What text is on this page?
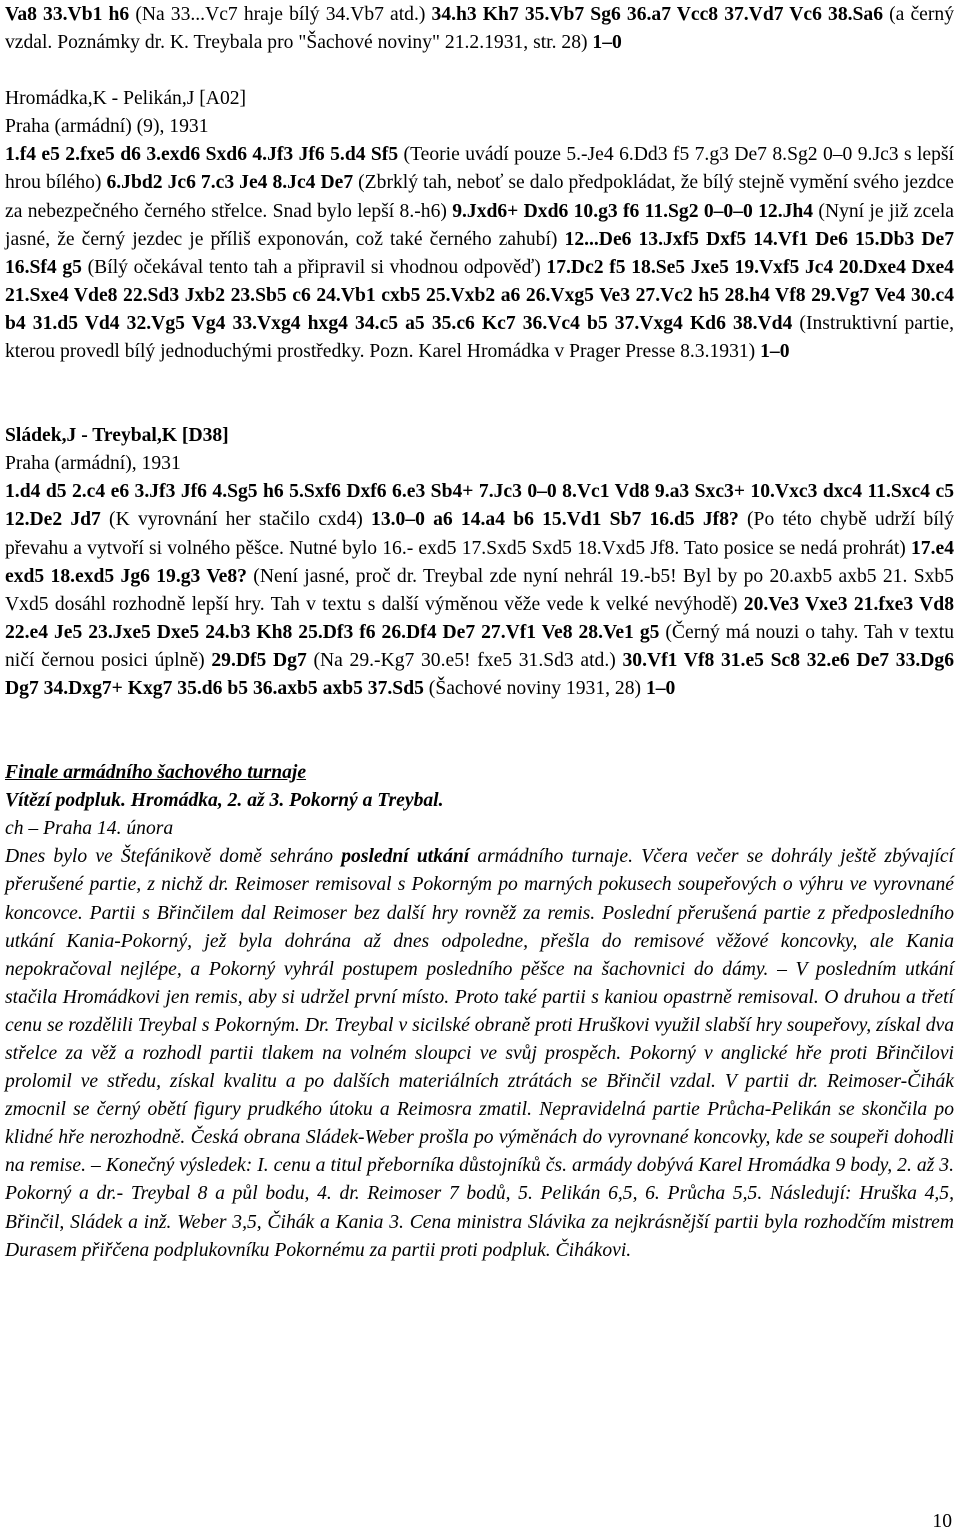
Va8 33.Vb1 h6 (Na 33...Vc7 hraje bílý 34.Vb7 atd.) 34.h3 Kh7 35.Vb7 Sg6 36.a7 Vcc8 37.Vd7 Vc6 38.Sa6 (a černý vzdal. Poznámky dr. K. Treybala pro "Šachové noviny" 21.2.1931, str. 28) 1–0

Hromádka,K - Pelikán,J [A02]

Praha (armádní) (9), 1931

1.f4 e5 2.fxe5 d6 3.exd6 Sxd6 4.Jf3 Jf6 5.d4 Sf5 (Teorie uvádí pouze 5.-Je4 6.Dd3 f5 7.g3 De7 8.Sg2 0–0 9.Jc3 s lepší hrou bílého) 6.Jbd2 Jc6 7.c3 Je4 8.Jc4 De7 (Zbrklý tah, neboť se dalo předpokládat, že bílý stejně vymění svého jezdce za nebezpečného černého střelce. Snad bylo lepší 8.-h6) 9.Jxd6+ Dxd6 10.g3 f6 11.Sg2 0–0–0 12.Jh4 (Nyní je již zcela jasné, že černý jezdec je příliš exponován, což také černého zahubí) 12...De6 13.Jxf5 Dxf5 14.Vf1 De6 15.Db3 De7 16.Sf4 g5 (Bílý očekával tento tah a připravil si vhodnou odpověď) 17.Dc2 f5 18.Se5 Jxe5 19.Vxf5 Jc4 20.Dxe4 Dxe4 21.Sxe4 Vde8 22.Sd3 Jxb2 23.Sb5 c6 24.Vb1 cxb5 25.Vxb2 a6 26.Vxg5 Ve3 27.Vc2 h5 28.h4 Vf8 29.Vg7 Ve4 30.c4 b4 31.d5 Vd4 32.Vg5 Vg4 33.Vxg4 hxg4 34.c5 a5 35.c6 Kc7 36.Vc4 b5 37.Vxg4 Kd6 38.Vd4 (Instruktivní partie, kterou provedl bílý jednoduchými prostředky. Pozn. Karel Hromádka v Prager Presse 8.3.1931) 1–0

Sládek,J - Treybal,K [D38]

Praha (armádní), 1931

1.d4 d5 2.c4 e6 3.Jf3 Jf6 4.Sg5 h6 5.Sxf6 Dxf6 6.e3 Sb4+ 7.Jc3 0–0 8.Vc1 Vd8 9.a3 Sxc3+ 10.Vxc3 dxc4 11.Sxc4 c5 12.De2 Jd7 (K vyrovnání her stačilo cxd4) 13.0–0 a6 14.a4 b6 15.Vd1 Sb7 16.d5 Jf8? (Po této chybě udrží bílý převahu a vytvoří si volného pěšce. Nutné bylo 16.- exd5 17.Sxd5 Sxd5 18.Vxd5 Jf8. Tato posice se nedá prohrát) 17.e4 exd5 18.exd5 Jg6 19.g3 Ve8? (Není jasné, proč dr. Treybal zde nyní nehrál 19.-b5! Byl by po 20.axb5 axb5 21. Sxb5 Vxd5 dosáhl rozhodně lepší hry. Tah v textu s další výměnou věže vede k velké nevýhodě) 20.Ve3 Vxe3 21.fxe3 Vd8 22.e4 Je5 23.Jxe5 Dxe5 24.b3 Kh8 25.Df3 f6 26.Df4 De7 27.Vf1 Ve8 28.Ve1 g5 (Černý má nouzi o tahy. Tah v textu ničí černou posici úplně) 29.Df5 Dg7 (Na 29.-Kg7 30.e5! fxe5 31.Sd3 atd.) 30.Vf1 Vf8 31.e5 Sc8 32.e6 De7 33.Dg6 Dg7 34.Dxg7+ Kxg7 35.d6 b5 36.axb5 axb5 37.Sd5 (Šachové noviny 1931, 28) 1–0

Finale armádního šachového turnaje

Vítězí podpluk. Hromádka, 2. až 3. Pokorný a Treybal.

ch – Praha 14. února

Dnes bylo ve Štefánikově domě sehráno poslední utkání armádního turnaje. Včera večer se dohrály ještě zbývající přerušené partie, z nichž dr. Reimoser remisoval s Pokorným po marných pokusech soupeřových o výhru ve vyrovnané koncovce. Partii s Břinčilem dal Reimoser bez další hry rovněž za remis. Poslední přerušená partie z předposledního utkání Kania-Pokorný, jež byla dohrána až dnes odpoledne, přešla do remisové věžové koncovky, ale Kania nepokračoval nejlépe, a Pokorný vyhrál postupem posledního pěšce na šachovnici do dámy. – V posledním utkání stačila Hromádkovi jen remis, aby si udržel první místo. Proto také partii s kaniou opastrně remisoval. O druhou a třetí cenu se rozdělili Treybal s Pokorným. Dr. Treybal v sicilské obraně proti Hruškovi využil slabší hry soupeřovy, získal dva střelce za věž a rozhodl partii tlakem na volném sloupci ve svůj prospěch. Pokorný v anglické hře proti Břinčilovi prolomil ve středu, získal kvalitu a po dalších materiálních ztrátách se Břinčil vzdal. V partii dr. Reimoser-Čihák zmocnil se černý obětí figury prudkého útoku a Reimosra zmatil. Nepravidelná partie Průcha-Pelikán se skončila po klidné hře nerozhodně. Česká obrana Sládek-Weber prošla po výměnách do vyrovnané koncovky, kde se soupeři dohodli na remise. – Konečný výsledek: I. cenu a titul přeborníka důstojníků čs. armády dobývá Karel Hromádka 9 body, 2. až 3. Pokorný a dr.- Treybal 8 a půl bodu, 4. dr. Reimoser 7 bodů, 5. Pelikán 6,5, 6. Průcha 5,5. Následují: Hruška 4,5, Břinčil, Sládek a inž. Weber 3,5, Čihák a Kania 3. Cena ministra Slávika za nejkrásnější partii byla rozhodčím mistrem Durasem přiřčena podplukovníku Pokornému za partii proti podpluk. Čihákovi.

10
